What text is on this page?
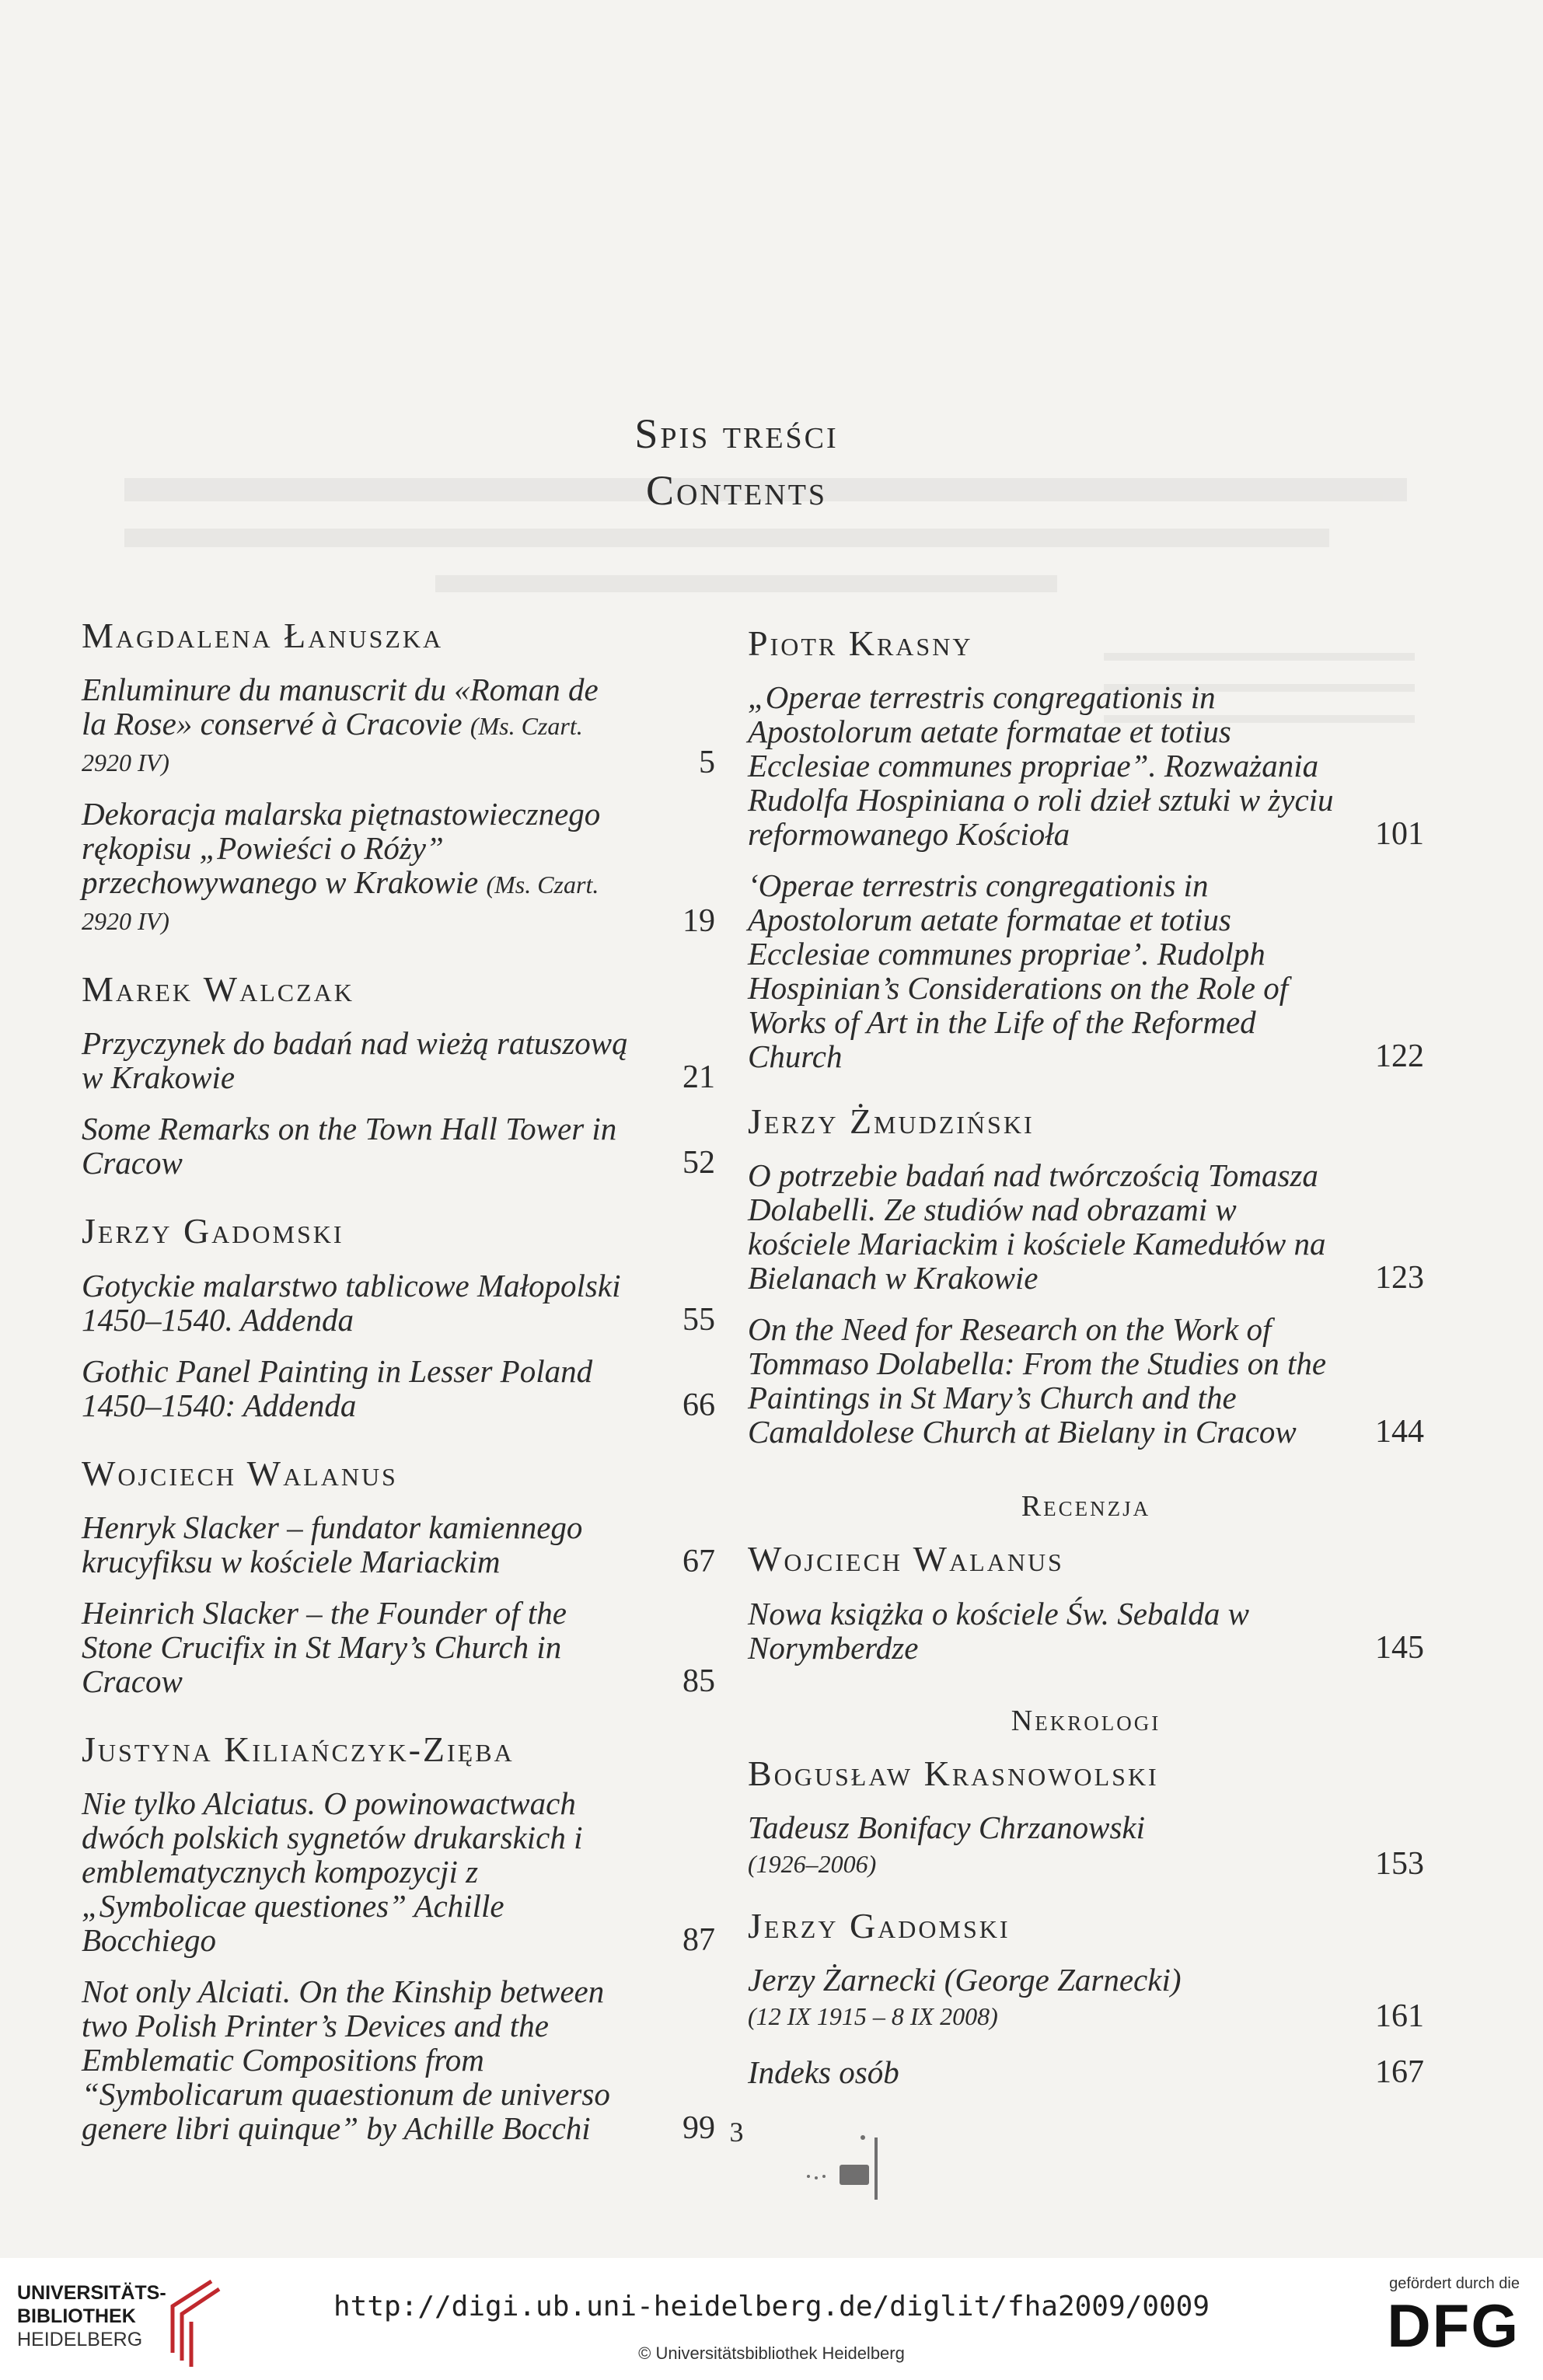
Spis treści
Contents
Magdalena Łanuszka
Enluminure du manuscrit du «Roman de la Rose» conservé à Cracovie (Ms. Czart. 2920 IV)	5
Dekoracja malarska piętnastowiecznego rękopisu „Powieści o Róży” przechowywanego w Krakowie (Ms. Czart. 2920 IV)	19
Marek Walczak
Przyczynek do badań nad wieżą ratuszową w Krakowie	21
Some Remarks on the Town Hall Tower in Cracow	52
Jerzy Gadomski
Gotyckie malarstwo tablicowe Małopolski 1450–1540. Addenda	55
Gothic Panel Painting in Lesser Poland 1450–1540: Addenda	66
Wojciech Walanus
Henryk Slacker – fundator kamiennego krucyfiksu w kościele Mariackim	67
Heinrich Slacker – the Founder of the Stone Crucifix in St Mary’s Church in Cracow	85
Justyna Kiliańczyk-Zięba
Nie tylko Alciatus. O powinowactwach dwóch polskich sygnetów drukarskich i emblematycznych kompozycji z „Symbolicae questiones” Achille Bocchiego	87
Not only Alciati. On the Kinship between two Polish Printer’s Devices and the Emblematic Compositions from “Symbolicarum quaestionum de universo genere libri quinque” by Achille Bocchi	99
Piotr Krasny
„Operae terrestris congregationis in Apostolorum aetate formatae et totius Ecclesiae communes propriae”. Rozważania Rudolfa Hospiniana o roli dzieł sztuki w życiu reformowanego Kościoła	101
‘Operae terrestris congregationis in Apostolorum aetate formatae et totius Ecclesiae communes propriae’. Rudolph Hospinian’s Considerations on the Role of Works of Art in the Life of the Reformed Church	122
Jerzy Żmudziński
O potrzebie badań nad twórczością Tomasza Dolabelli. Ze studiów nad obrazami w kościele Mariackim i kościele Kamedułów na Bielanach w Krakowie	123
On the Need for Research on the Work of Tommaso Dolabella: From the Studies on the Paintings in St Mary’s Church and the Camaldolese Church at Bielany in Cracow	144
Recenzja
Wojciech Walanus
Nowa książka o kościele Św. Sebalda w Norymberdze	145
Nekrologi
Bogusław Krasnowolski
Tadeusz Bonifacy Chrzanowski
(1926–2006)	153
Jerzy Gadomski
Jerzy Żarnecki (George Zarnecki)
(12 IX 1915 – 8 IX 2008)	161
Indeks osób	167
3
UNIVERSITÄTS-
BIBLIOTHEK
HEIDELBERG
http://digi.ub.uni-heidelberg.de/diglit/fha2009/0009
© Universitätsbibliothek Heidelberg
gefördert durch die
DFG
